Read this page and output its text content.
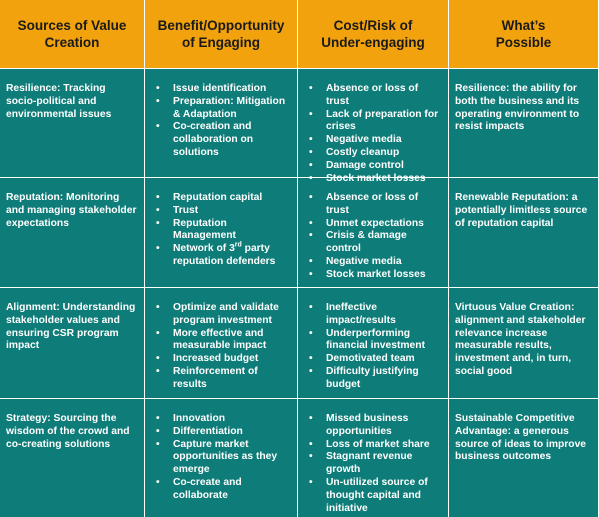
Sources of Value
Creation
Benefit/Opportunity
of Engaging
Cost/Risk of
Under-engaging
What’s
Possible
Resilience: Tracking socio-political and environmental issues
• Issue identification
• Preparation: Mitigation & Adaptation
• Co-creation and collaboration on solutions
• Absence or loss of trust
• Lack of preparation for crises
• Negative media
• Costly cleanup
• Damage control
• Stock market losses
Resilience: the ability for both the business and its operating environment to resist impacts
Reputation: Monitoring and managing stakeholder expectations
• Reputation capital
• Trust
• Reputation Management
• Network of 3rd party reputation defenders
• Absence or loss of trust
• Unmet expectations
• Crisis & damage control
• Negative media
• Stock market losses
Renewable Reputation: a potentially limitless source of reputation capital
Alignment: Understanding stakeholder values and ensuring CSR program impact
• Optimize and validate program investment
• More effective and measurable impact
• Increased budget
• Reinforcement of results
• Ineffective impact/results
• Underperforming financial investment
• Demotivated team
• Difficulty justifying budget
Virtuous Value Creation: alignment and stakeholder relevance increase measurable results, investment and, in turn, social good
Strategy: Sourcing the wisdom of the crowd and co-creating solutions
• Innovation
• Differentiation
• Capture market opportunities as they emerge
• Co-create and collaborate
• Missed business opportunities
• Loss of market share
• Stagnant revenue growth
• Un-utilized source of thought capital and initiative
Sustainable Competitive Advantage: a generous source of ideas to improve business outcomes
